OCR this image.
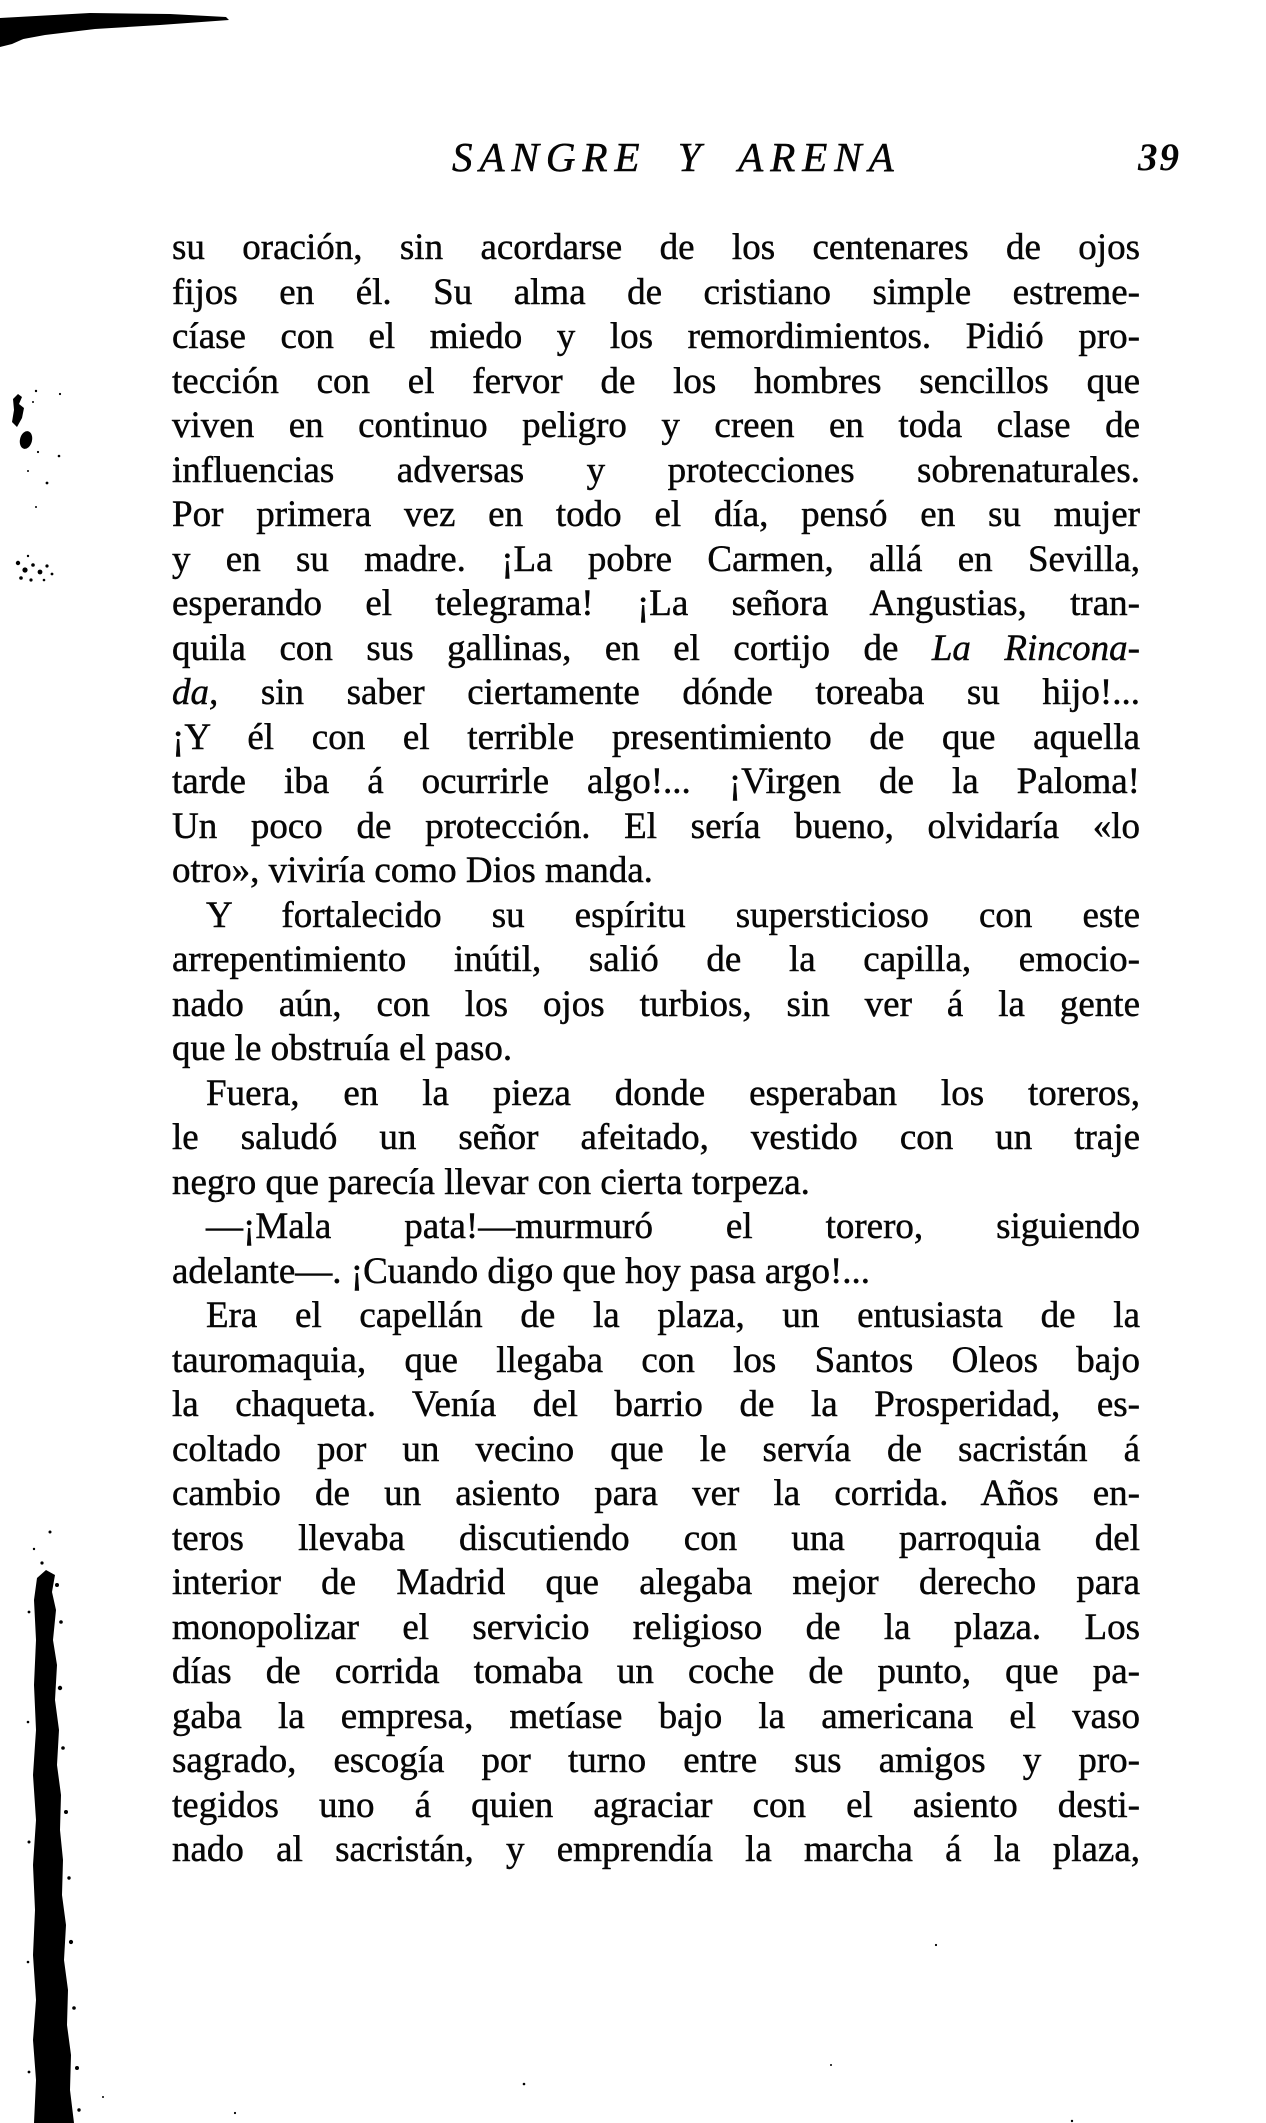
SANGRE Y ARENA	39
su oración, sin acordarse de los centenares de ojos
fijos en él. Su alma de cristiano simple estreme-
cíase con el miedo y los remordimientos. Pidió pro-
tección con el fervor de los hombres sencillos que
viven en continuo peligro y creen en toda clase de
influencias adversas y protecciones sobrenaturales.
Por primera vez en todo el día, pensó en su mujer
y en su madre. ¡La pobre Carmen, allá en Sevilla,
esperando el telegrama! ¡La señora Angustias, tran-
quila con sus gallinas, en el cortijo de La Rincona-
da, sin saber ciertamente dónde toreaba su hijo!...
¡Y él con el terrible presentimiento de que aquella
tarde iba á ocurrirle algo!... ¡Virgen de la Paloma!
Un poco de protección. El sería bueno, olvidaría «lo
otro», viviría como Dios manda.
Y fortalecido su espíritu supersticioso con este
arrepentimiento inútil, salió de la capilla, emocio-
nado aún, con los ojos turbios, sin ver á la gente
que le obstruía el paso.
Fuera, en la pieza donde esperaban los toreros,
le saludó un señor afeitado, vestido con un traje
negro que parecía llevar con cierta torpeza.
—¡Mala pata!—murmuró el torero, siguiendo
adelante—. ¡Cuando digo que hoy pasa argo!...
Era el capellán de la plaza, un entusiasta de la
tauromaquia, que llegaba con los Santos Oleos bajo
la chaqueta. Venía del barrio de la Prosperidad, es-
coltado por un vecino que le servía de sacristán á
cambio de un asiento para ver la corrida. Años en-
teros llevaba discutiendo con una parroquia del
interior de Madrid que alegaba mejor derecho para
monopolizar el servicio religioso de la plaza. Los
días de corrida tomaba un coche de punto, que pa-
gaba la empresa, metíase bajo la americana el vaso
sagrado, escogía por turno entre sus amigos y pro-
tegidos uno á quien agraciar con el asiento desti-
nado al sacristán, y emprendía la marcha á la plaza,
